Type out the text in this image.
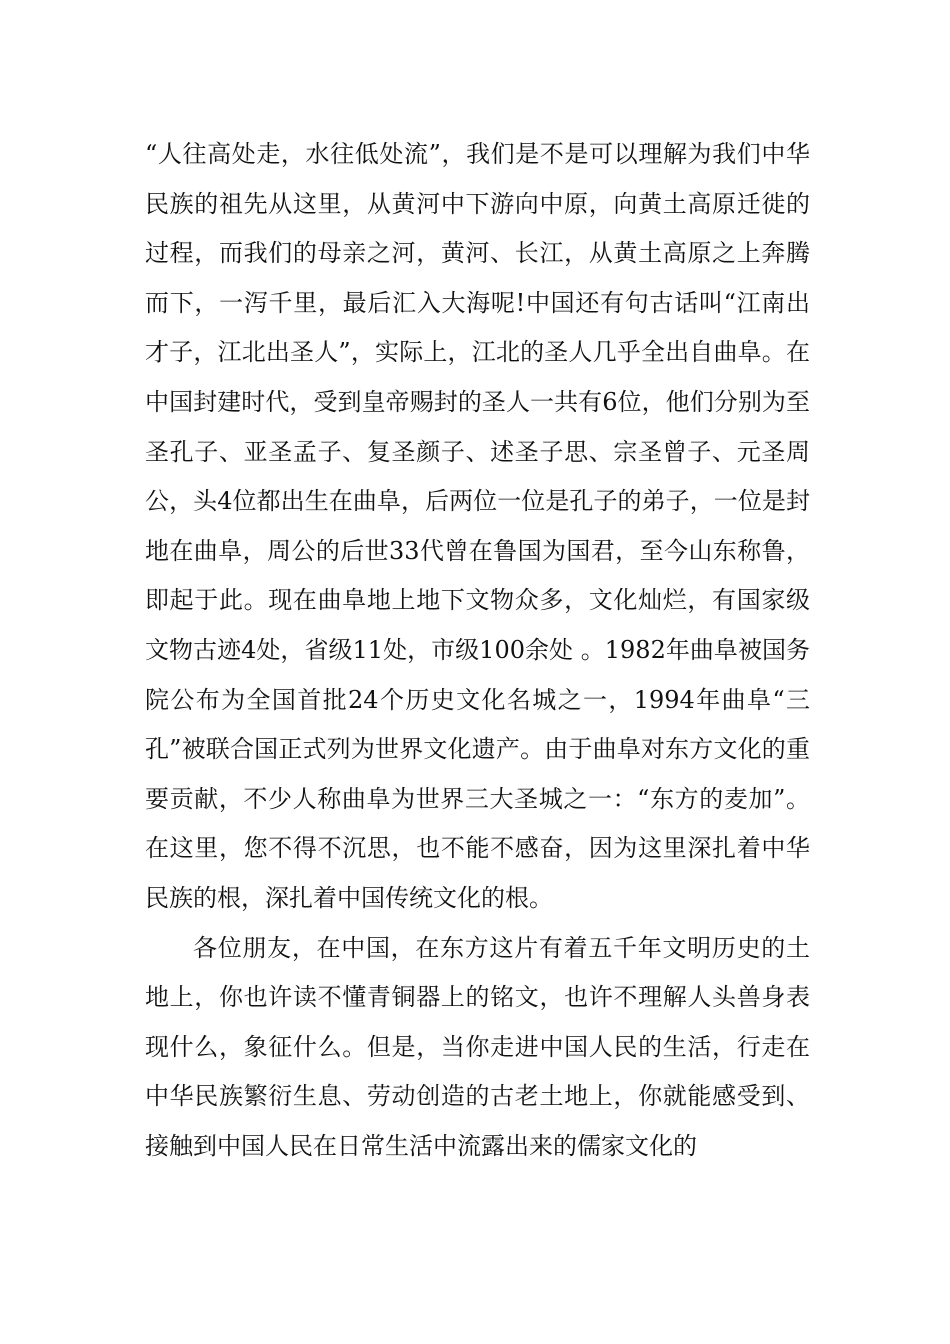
“人往高处走，水往低处流”，我们是不是可以理解为我们中华民族的祖先从这里，从黄河中下游向中原，向黄土高原迁徙的过程，而我们的母亲之河，黄河、长江，从黄土高原之上奔腾而下，一泻千里，最后汇入大海呢!中国还有句古话叫“江南出才子，江北出圣人”，实际上，江北的圣人几乎全出自曲阜。在中国封建时代，受到皇帝赐封的圣人一共有6位，他们分别为至圣孔子、亚圣孟子、复圣颜子、述圣子思、宗圣曾子、元圣周公，头4位都出生在曲阜，后两位一位是孔子的弟子，一位是封地在曲阜，周公的后世33代曾在鲁国为国君，至今山东称鲁，即起于此。现在曲阜地上地下文物众多，文化灿烂，有国家级文物古迹4处，省级11处，市级100余处 。1982年曲阜被国务院公布为全国首批24个历史文化名城之一，1994年曲阜“三孔”被联合国正式列为世界文化遗产。由于曲阜对东方文化的重要贡献，不少人称曲阜为世界三大圣城之一：“东方的麦加”。在这里，您不得不沉思，也不能不感奋，因为这里深扎着中华民族的根，深扎着中国传统文化的根。

各位朋友，在中国，在东方这片有着五千年文明历史的土地上，你也许读不懂青铜器上的铭文，也许不理解人头兽身表现什么，象征什么。但是，当你走进中国人民的生活，行走在中华民族繁衍生息、劳动创造的古老土地上，你就能感受到、接触到中国人民在日常生活中流露出来的儒家文化的
